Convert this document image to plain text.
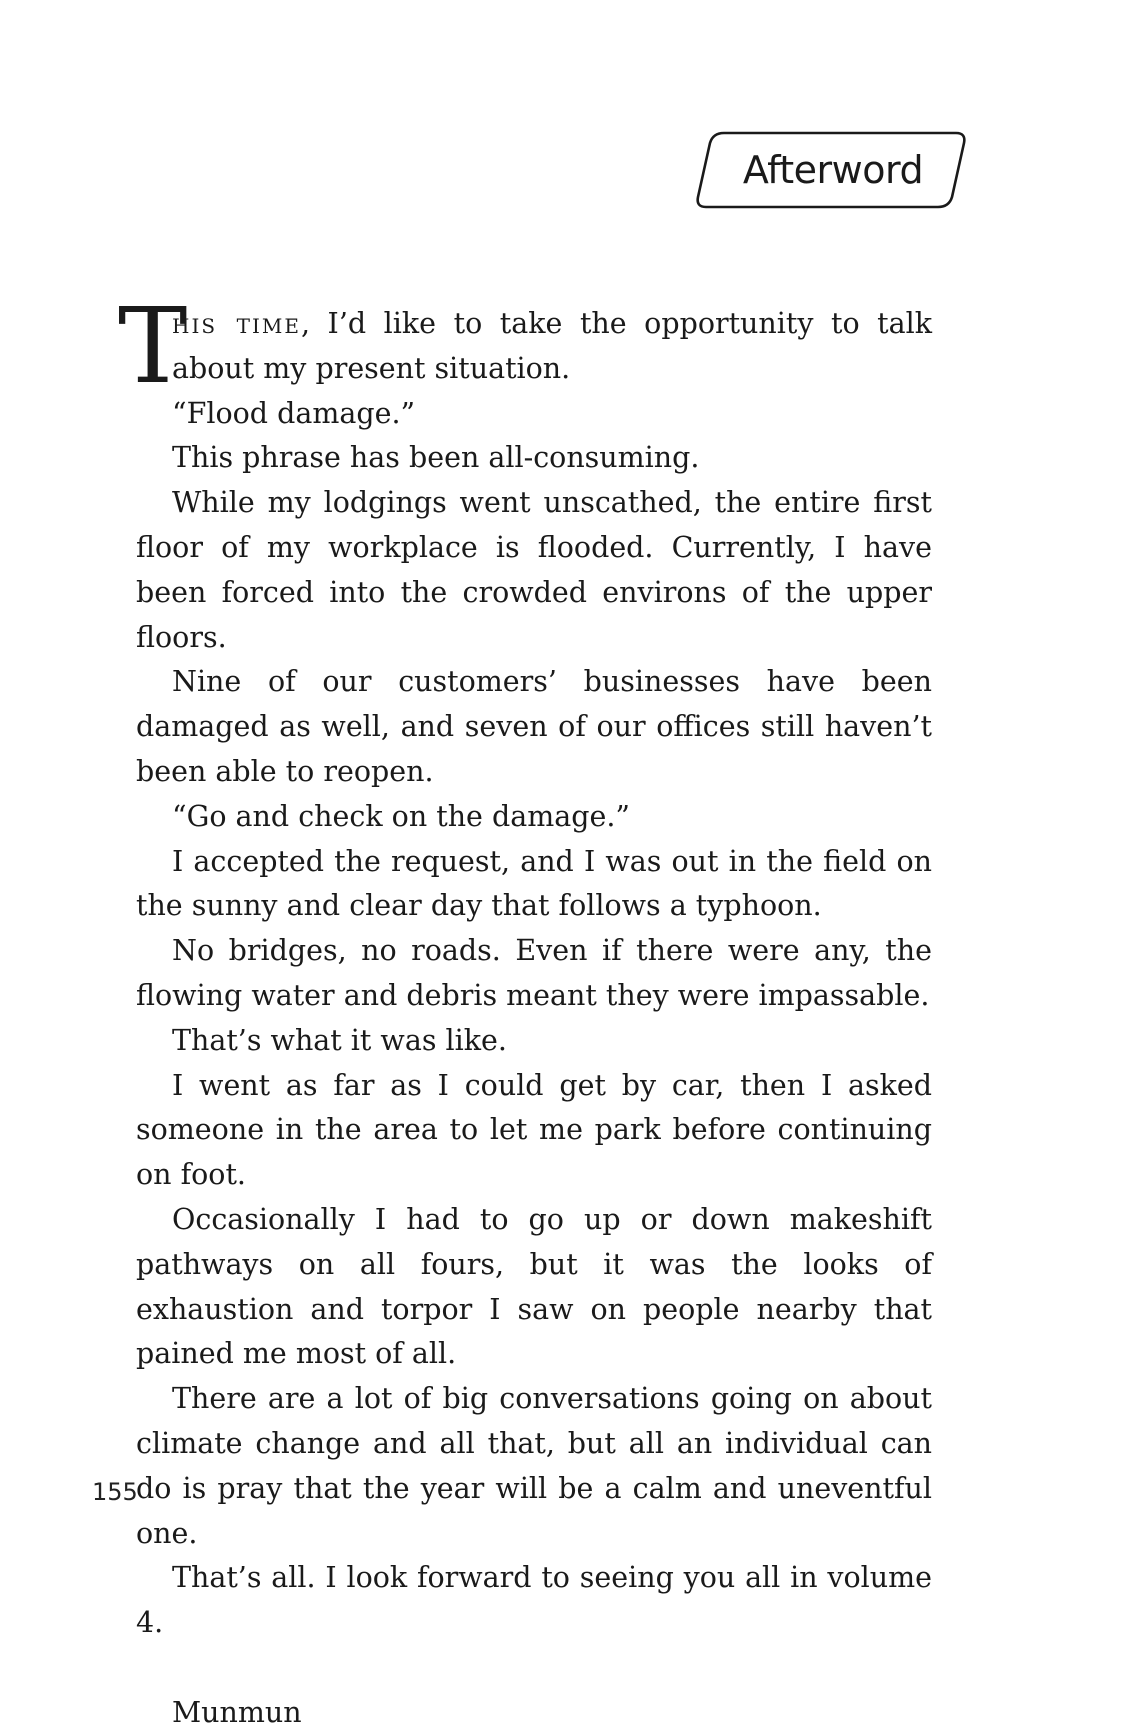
Afterword

T
his time, I’d like to take the opportunity to talk about my present situation.

“Flood damage.”

This phrase has been all-consuming.

While my lodgings went unscathed, the entire first floor of my workplace is flooded. Currently, I have been forced into the crowded environs of the upper floors.

Nine of our customers’ businesses have been damaged as well, and seven of our offices still haven’t been able to reopen.

“Go and check on the damage.”

I accepted the request, and I was out in the field on the sunny and clear day that follows a typhoon.

No bridges, no roads. Even if there were any, the flowing water and debris meant they were impassable.

That’s what it was like.

I went as far as I could get by car, then I asked someone in the area to let me park before continuing on foot.

Occasionally I had to go up or down makeshift pathways on all fours, but it was the looks of exhaustion and torpor I saw on people nearby that pained me most of all.

There are a lot of big conversations going on about climate change and all that, but all an individual can do is pray that the year will be a calm and uneventful one.

That’s all. I look forward to seeing you all in volume 4.

Munmun

155
